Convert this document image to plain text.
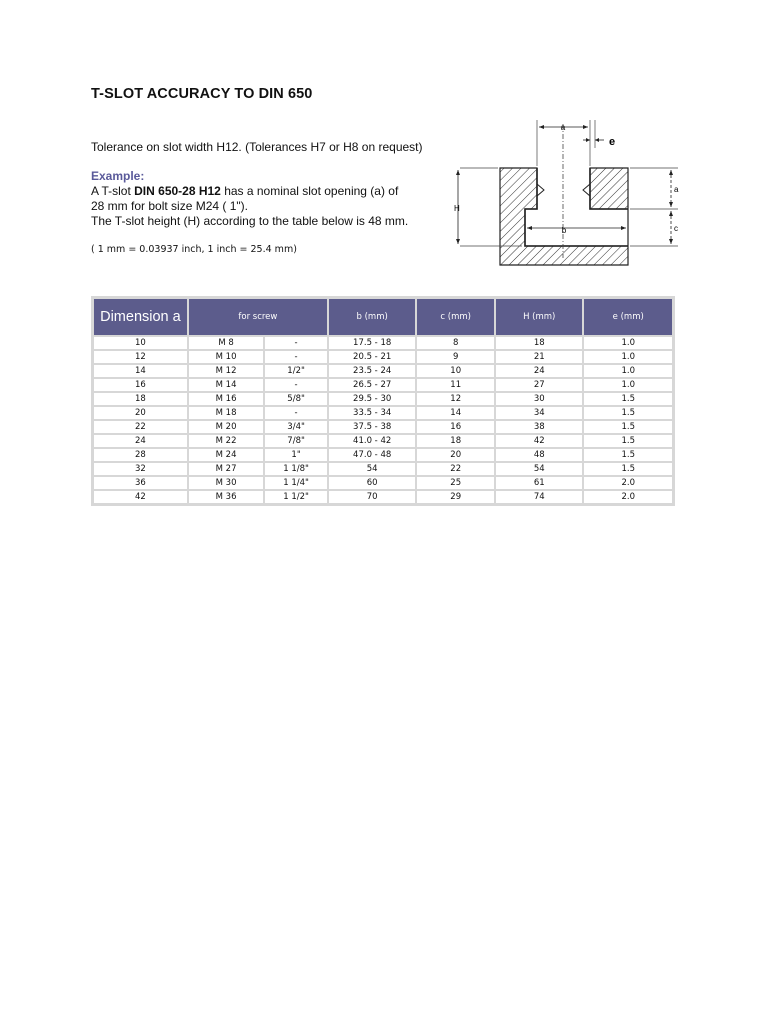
T-SLOT ACCURACY TO DIN 650

Tolerance on slot width H12. (Tolerances H7 or H8 on request)

Example:

A T-slot DIN 650-28 H12 has a nominal slot opening (a) of

28 mm for bolt size M24 ( 1").

The T-slot height (H) according to the table below is 48 mm.

( 1 mm = 0.03937 inch, 1 inch = 25.4 mm)

a
e
H
a
c
b
Dimension a	for screw		b (mm)	c (mm)	H (mm)	e (mm)
10	M 8	-	17.5 - 18	8	18	1.0
12	M 10	-	20.5 - 21	9	21	1.0
14	M 12	1/2"	23.5 - 24	10	24	1.0
16	M 14	-	26.5 - 27	11	27	1.0
18	M 16	5/8"	29.5 - 30	12	30	1.5
20	M 18	-	33.5 - 34	14	34	1.5
22	M 20	3/4"	37.5 - 38	16	38	1.5
24	M 22	7/8"	41.0 - 42	18	42	1.5
28	M 24	1"	47.0 - 48	20	48	1.5
32	M 27	1 1/8"	54	22	54	1.5
36	M 30	1 1/4"	60	25	61	2.0
42	M 36	1 1/2"	70	29	74	2.0
